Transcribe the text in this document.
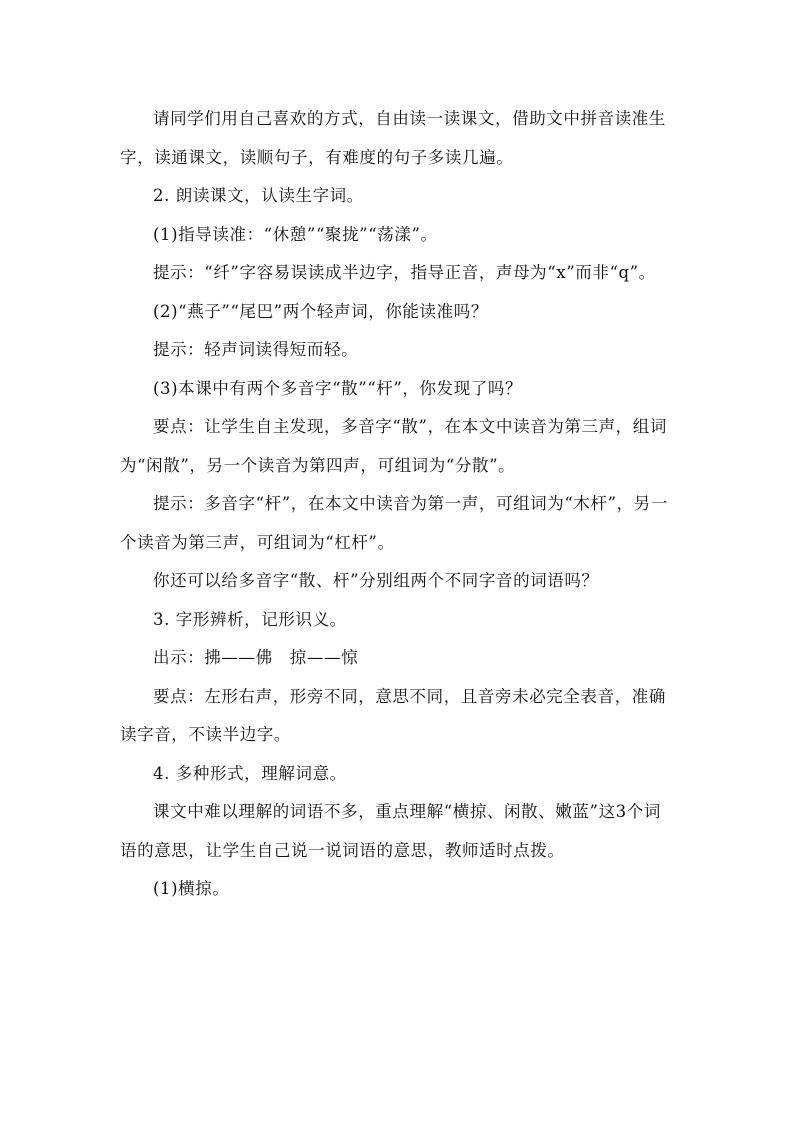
请同学们用自己喜欢的方式，自由读一读课文，借助文中拼音读准生字，读通课文，读顺句子，有难度的句子多读几遍。

2. 朗读课文，认读生字词。

(1)指导读准：“休憩”“聚拢”“荡漾”。

提示：“纤”字容易误读成半边字，指导正音，声母为“x”而非“q”。

(2)“燕子”“尾巴”两个轻声词，你能读准吗？

提示：轻声词读得短而轻。

(3)本课中有两个多音字“散”“杆”，你发现了吗？

要点：让学生自主发现，多音字“散”，在本文中读音为第三声，组词为“闲散”，另一个读音为第四声，可组词为“分散”。

提示：多音字“杆”，在本文中读音为第一声，可组词为“木杆”，另一个读音为第三声，可组词为“杠杆”。

你还可以给多音字“散、杆”分别组两个不同字音的词语吗？

3. 字形辨析，记形识义。

出示：拂——佛　掠——惊

要点：左形右声，形旁不同，意思不同，且音旁未必完全表音，准确读字音，不读半边字。

4. 多种形式，理解词意。

课文中难以理解的词语不多，重点理解“横掠、闲散、嫩蓝”这3个词语的意思，让学生自己说一说词语的意思，教师适时点拨。

(1)横掠。
